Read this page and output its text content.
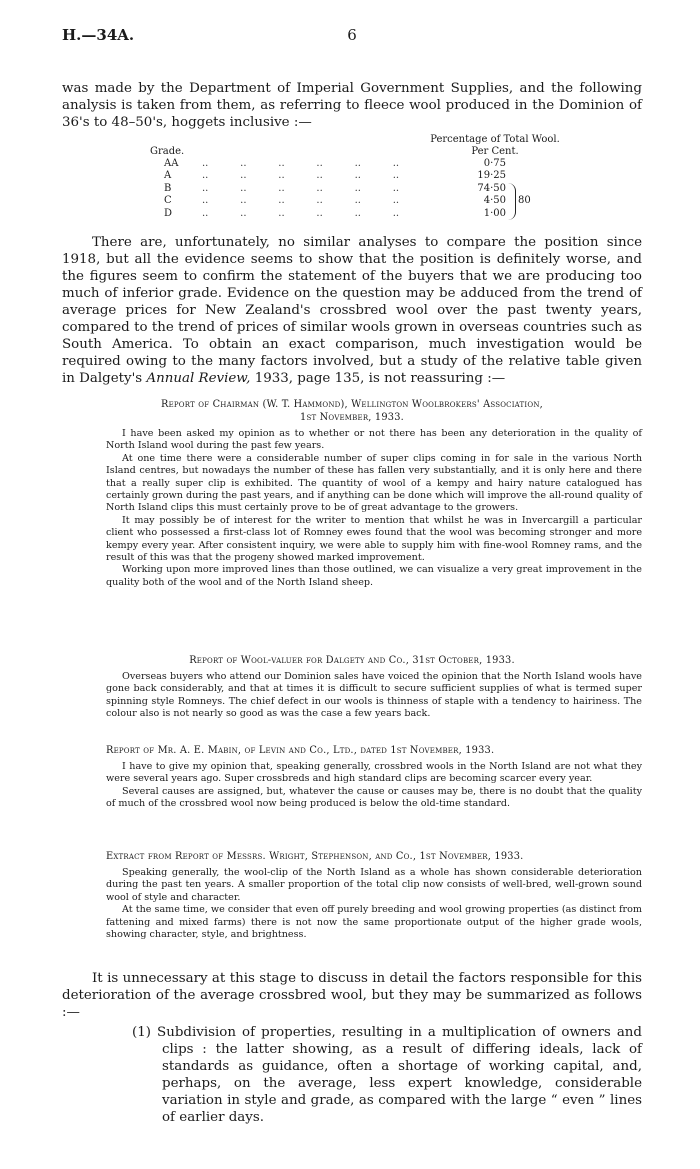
H.—34A.	6

was made by the Department of Imperial Government Supplies, and the following analysis is taken from them, as referring to fleece wool produced in the Dominion of 36's to 48–50's, hoggets inclusive :—

Percentage of Total Wool.
Grade.	Per Cent.
AA ..          ..          ..          ..          ..          ..	0·75
A	..          ..          ..          ..          ..          ..	19·25
B	..          ..          ..          ..          ..          ..	74·50
C	..          ..          ..          ..          ..          ..	4·50
D	..          ..          ..          ..          ..          ..	1·00
80

There are, unfortunately, no similar analyses to compare the position since 1918, but all the evidence seems to show that the position is definitely worse, and the figures seem to confirm the statement of the buyers that we are producing too much of inferior grade. Evidence on the question may be adduced from the trend of average prices for New Zealand's crossbred wool over the past twenty years, compared to the trend of prices of similar wools grown in overseas countries such as South America. To obtain an exact comparison, much investigation would be required owing to the many factors involved, but a study of the relative table given in Dalgety's Annual Review, 1933, page 135, is not reassuring :—

Report of Chairman (W. T. Hammond), Wellington Woolbrokers' Association,

1st November, 1933.

I have been asked my opinion as to whether or not there has been any deterioration in the quality of North Island wool during the past few years.

At one time there were a considerable number of super clips coming in for sale in the various North Island centres, but nowadays the number of these has fallen very substantially, and it is only here and there that a really super clip is exhibited. The quantity of wool of a kempy and hairy nature catalogued has certainly grown during the past years, and if anything can be done which will improve the all-round quality of North Island clips this must certainly prove to be of great advantage to the growers.

It may possibly be of interest for the writer to mention that whilst he was in Invercargill a particular client who possessed a first-class lot of Romney ewes found that the wool was becoming stronger and more kempy every year. After consistent inquiry, we were able to supply him with fine-wool Romney rams, and the result of this was that the progeny showed marked improvement.

Working upon more improved lines than those outlined, we can visualize a very great improvement in the quality both of the wool and of the North Island sheep.

Report of Wool-valuer for Dalgety and Co., 31st October, 1933.

Overseas buyers who attend our Dominion sales have voiced the opinion that the North Island wools have gone back considerably, and that at times it is difficult to secure sufficient supplies of what is termed super spinning style Romneys. The chief defect in our wools is thinness of staple with a tendency to hairiness. The colour also is not nearly so good as was the case a few years back.

Report of Mr. A. E. Mabin, of Levin and Co., Ltd., dated 1st November, 1933.

I have to give my opinion that, speaking generally, crossbred wools in the North Island are not what they were several years ago. Super crossbreds and high standard clips are becoming scarcer every year.

Several causes are assigned, but, whatever the cause or causes may be, there is no doubt that the quality of much of the crossbred wool now being produced is below the old-time standard.

Extract from Report of Messrs. Wright, Stephenson, and Co., 1st November, 1933.

Speaking generally, the wool-clip of the North Island as a whole has shown considerable deterioration during the past ten years. A smaller proportion of the total clip now consists of well-bred, well-grown sound wool of style and character.

At the same time, we consider that even off purely breeding and wool growing properties (as distinct from fattening and mixed farms) there is not now the same proportionate output of the higher grade wools, showing character, style, and brightness.

It is unnecessary at this stage to discuss in detail the factors responsible for this deterioration of the average crossbred wool, but they may be summarized as follows :—

(1) Subdivision of properties, resulting in a multiplication of owners and clips : the latter showing, as a result of differing ideals, lack of standards as guidance, often a shortage of working capital, and, perhaps, on the average, less expert knowledge, considerable variation in style and grade, as compared with the large “ even ” lines of earlier days.
